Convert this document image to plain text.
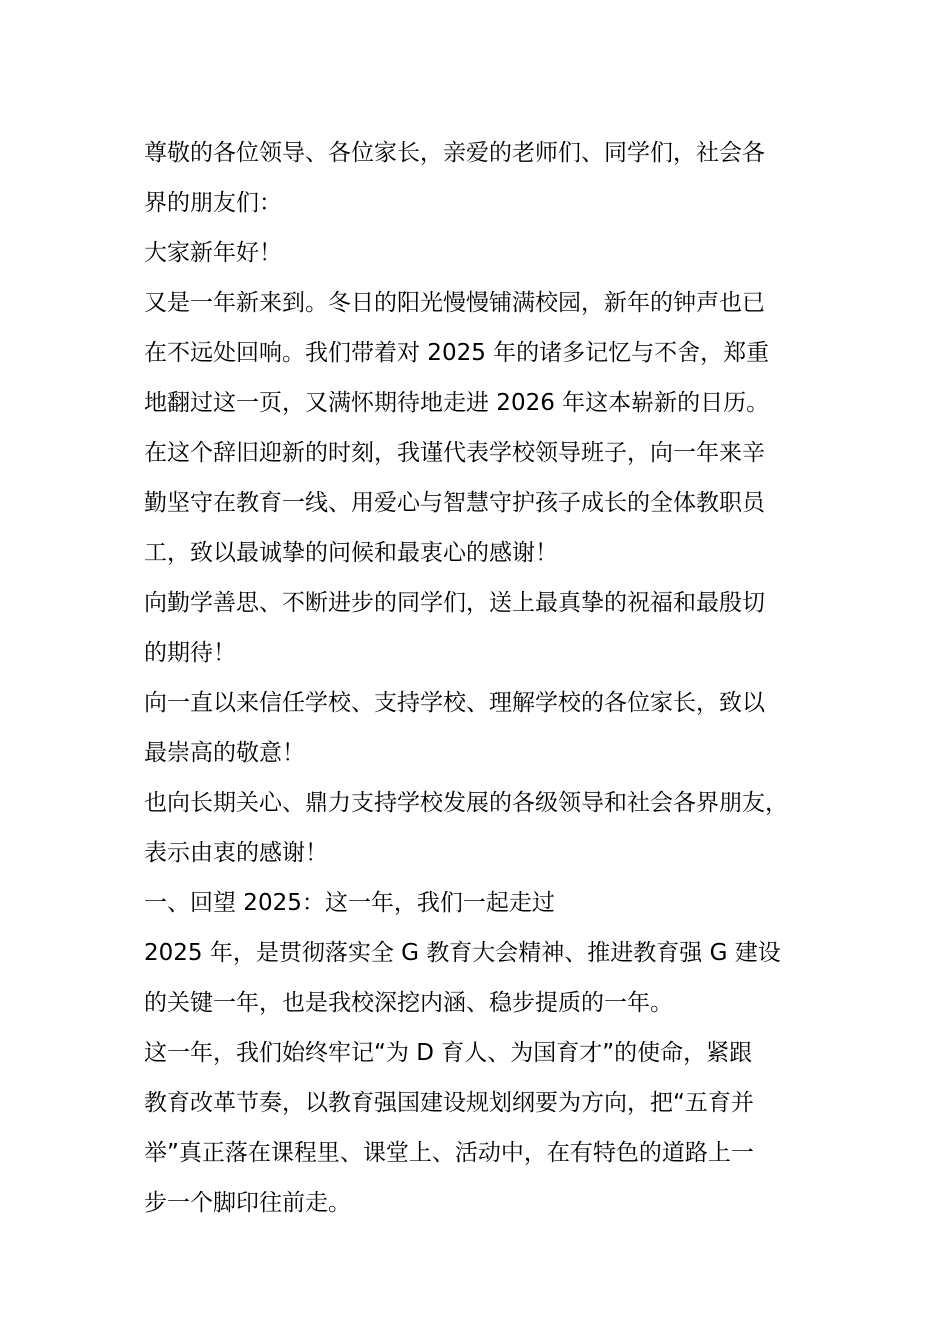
尊敬的各位领导、各位家长，亲爱的老师们、同学们，社会各
界的朋友们：
大家新年好！
又是一年新来到。冬日的阳光慢慢铺满校园，新年的钟声也已
在不远处回响。我们带着对 2025 年的诸多记忆与不舍，郑重
地翻过这一页，又满怀期待地走进 2026 年这本崭新的日历。
在这个辞旧迎新的时刻，我谨代表学校领导班子，向一年来辛
勤坚守在教育一线、用爱心与智慧守护孩子成长的全体教职员
工，致以最诚挚的问候和最衷心的感谢！
向勤学善思、不断进步的同学们，送上最真挚的祝福和最殷切
的期待！
向一直以来信任学校、支持学校、理解学校的各位家长，致以
最崇高的敬意！
也向长期关心、鼎力支持学校发展的各级领导和社会各界朋友，
表示由衷的感谢！
一、回望 2025：这一年，我们一起走过
2025 年，是贯彻落实全 G 教育大会精神、推进教育强 G 建设
的关键一年，也是我校深挖内涵、稳步提质的一年。
这一年，我们始终牢记“为 D 育人、为国育才”的使命，紧跟
教育改革节奏，以教育强国建设规划纲要为方向，把“五育并
举”真正落在课程里、课堂上、活动中，在有特色的道路上一
步一个脚印往前走。
